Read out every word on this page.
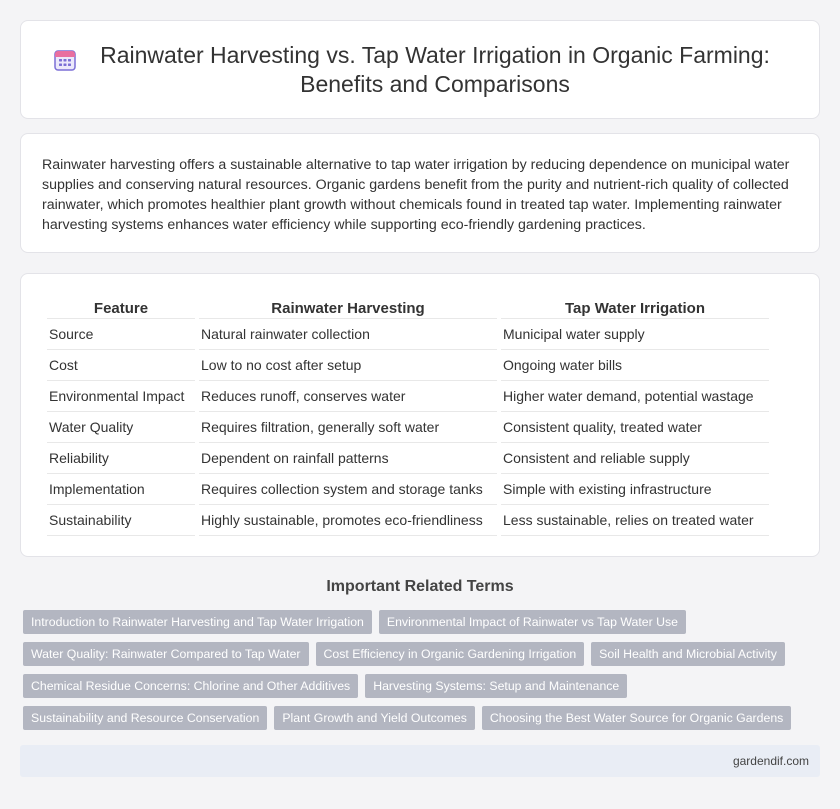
Rainwater Harvesting vs. Tap Water Irrigation in Organic Farming: Benefits and Comparisons

Rainwater harvesting offers a sustainable alternative to tap water irrigation by reducing dependence on municipal water supplies and conserving natural resources. Organic gardens benefit from the purity and nutrient-rich quality of collected rainwater, which promotes healthier plant growth without chemicals found in treated tap water. Implementing rainwater harvesting systems enhances water efficiency while supporting eco-friendly gardening practices.

Feature	Rainwater Harvesting	Tap Water Irrigation
Source	Natural rainwater collection	Municipal water supply
Cost	Low to no cost after setup	Ongoing water bills
Environmental Impact	Reduces runoff, conserves water	Higher water demand, potential wastage
Water Quality	Requires filtration, generally soft water	Consistent quality, treated water
Reliability	Dependent on rainfall patterns	Consistent and reliable supply
Implementation	Requires collection system and storage tanks	Simple with existing infrastructure
Sustainability	Highly sustainable, promotes eco-friendliness	Less sustainable, relies on treated water
Important Related Terms
Introduction to Rainwater Harvesting and Tap Water Irrigation	Environmental Impact of Rainwater vs Tap Water Use
Water Quality: Rainwater Compared to Tap Water	Cost Efficiency in Organic Gardening Irrigation	Soil Health and Microbial Activity
Chemical Residue Concerns: Chlorine and Other Additives	Harvesting Systems: Setup and Maintenance
Sustainability and Resource Conservation	Plant Growth and Yield Outcomes	Choosing the Best Water Source for Organic Gardens
gardendif.com
